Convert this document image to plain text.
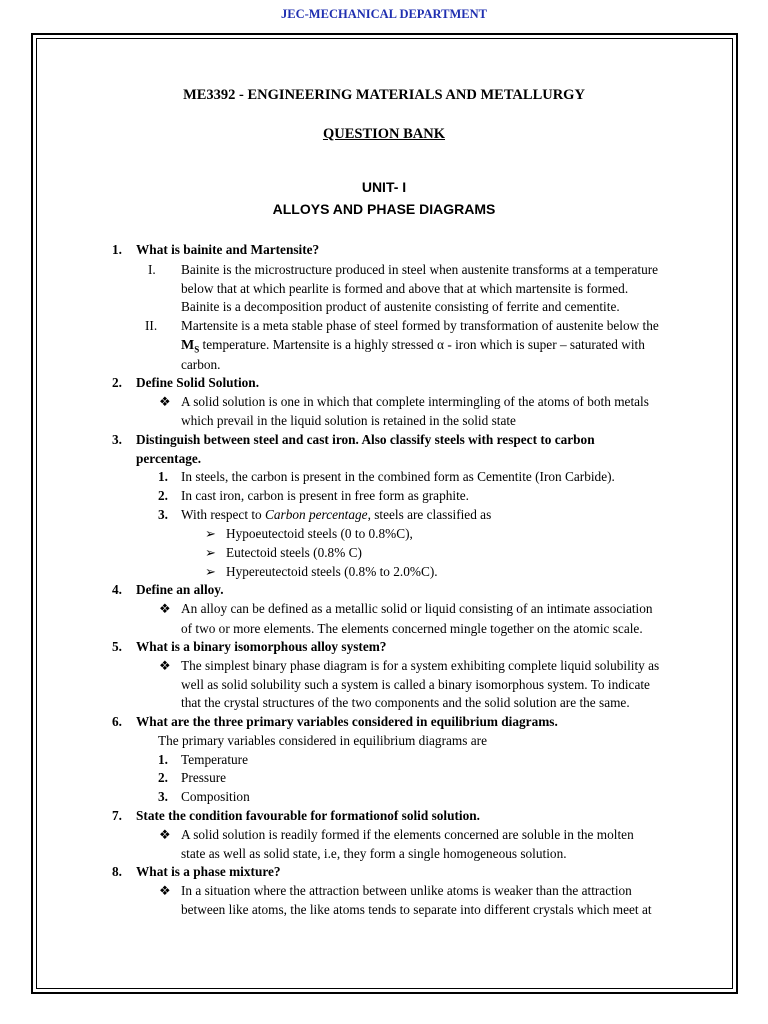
JEC-MECHANICAL DEPARTMENT
ME3392 - ENGINEERING MATERIALS AND METALLURGY
QUESTION BANK
UNIT- I
ALLOYS AND PHASE DIAGRAMS
1. What is bainite and Martensite?
I. Bainite is the microstructure produced in steel when austenite transforms at a temperature
below that at which pearlite is formed and above that at which martensite is formed.
Bainite is a decomposition product of austenite consisting of ferrite and cementite.
II. Martensite is a meta stable phase of steel formed by transformation of austenite below the
$M_S$ temperature. Martensite is a highly stressed α - iron which is super – saturated with
carbon.
2. Define Solid Solution.
❖ A solid solution is one in which that complete intermingling of the atoms of both metals
which prevail in the liquid solution is retained in the solid state
3. Distinguish between steel and cast iron. Also classify steels with respect to carbon
percentage.
1. In steels, the carbon is present in the combined form as Cementite (Iron Carbide).
2. In cast iron, carbon is present in free form as graphite.
3. With respect to Carbon percentage, steels are classified as
➢ Hypoeutectoid steels (0 to 0.8%C),
➢ Eutectoid steels (0.8% C)
➢ Hypereutectoid steels (0.8% to 2.0%C).
4. Define an alloy.
❖ An alloy can be defined as a metallic solid or liquid consisting of an intimate association
of two or more elements. The elements concerned mingle together on the atomic scale.
5. What is a binary isomorphous alloy system?
❖ The simplest binary phase diagram is for a system exhibiting complete liquid solubility as
well as solid solubility such a system is called a binary isomorphous system. To indicate
that the crystal structures of the two components and the solid solution are the same.
6. What are the three primary variables considered in equilibrium diagrams.
The primary variables considered in equilibrium diagrams are
1. Temperature
2. Pressure
3. Composition
7. State the condition favourable for formationof solid solution.
❖ A solid solution is readily formed if the elements concerned are soluble in the molten
state as well as solid state, i.e, they form a single homogeneous solution.
8. What is a phase mixture?
❖ In a situation where the attraction between unlike atoms is weaker than the attraction
between like atoms, the like atoms tends to separate into different crystals which meet at
